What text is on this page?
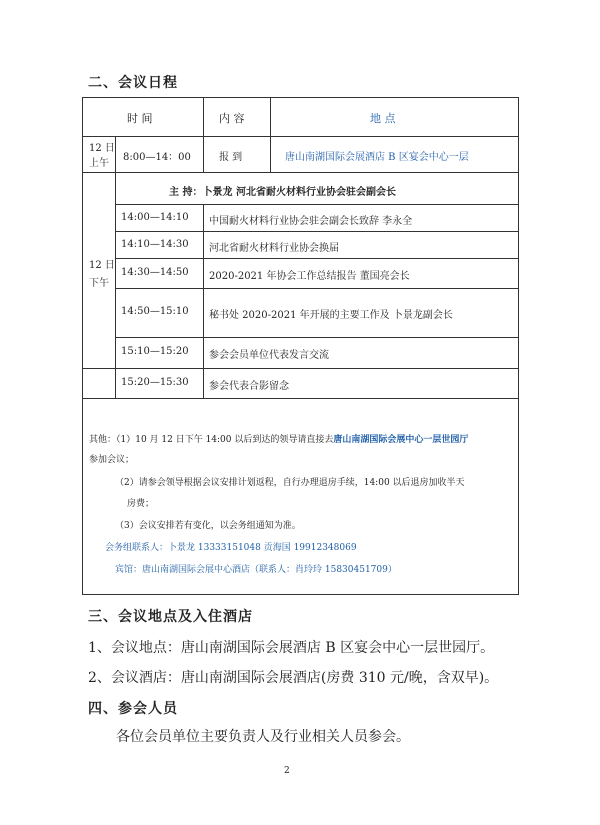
二、会议日程
时 间	内 容	地 点
12 日
上午
8:00—14：00	报 到	唐山南湖国际会展酒店 B 区宴会中心一层
12 日
下午
主 持：卜景龙 河北省耐火材料行业协会驻会副会长
14:00—14:10 中国耐火材料行业协会驻会副会长致辞 李永全
14:10—14:30 河北省耐火材料行业协会换届
14:30—14:50 2020-2021 年协会工作总结报告 董国亮会长
14:50—15:10 秘书处 2020-2021 年开展的主要工作及 卜景龙副会长
15:10—15:20 参会会员单位代表发言交流
15:20—15:30 参会代表合影留念
其他：（1）10 月 12 日下午 14:00 以后到达的领导请直接去唐山南湖国际会展中心一层世园厅
参加会议；
（2）请参会领导根据会议安排计划返程，自行办理退房手续，14:00 以后退房加收半天
房费；
（3）会议安排若有变化，以会务组通知为准。
会务组联系人：卜景龙 13333151048 贡海国 19912348069
宾馆：唐山南湖国际会展中心酒店（联系人：肖玲玲 15830451709）
三、会议地点及入住酒店
1、会议地点：唐山南湖国际会展酒店 B 区宴会中心一层世园厅。
2、会议酒店：唐山南湖国际会展酒店(房费 310 元/晚，含双早)。
四、参会人员
各位会员单位主要负责人及行业相关人员参会。
2
